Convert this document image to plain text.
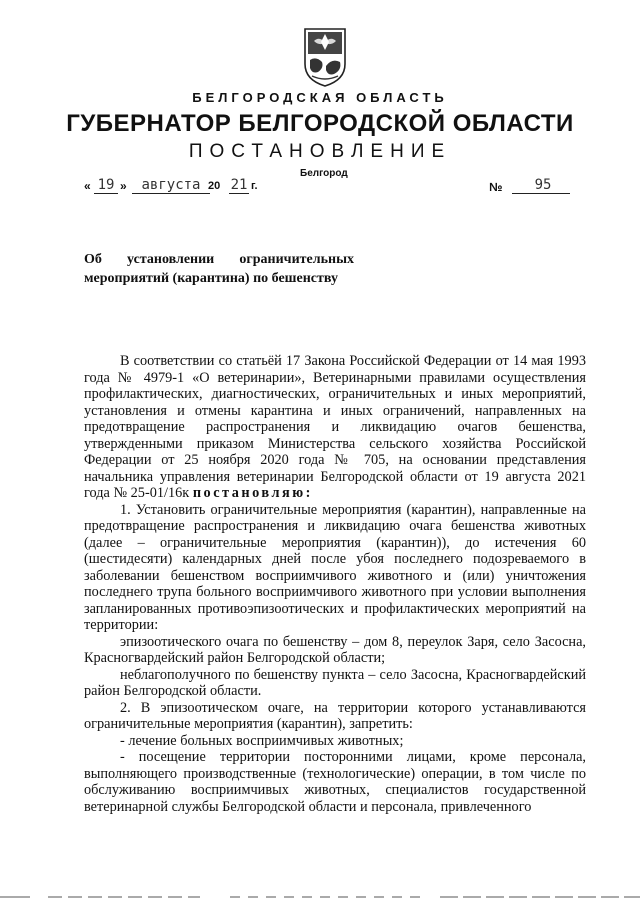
БЕЛГОРОДСКАЯ ОБЛАСТЬ
ГУБЕРНАТОР БЕЛГОРОДСКОЙ ОБЛАСТИ
ПОСТАНОВЛЕНИЕ
Белгород
« 19 »	августа 20 21 г.	№	95
Об установлении ограничительных
мероприятий (карантина) по бешенству

В соответствии со статьёй 17 Закона Российской Федерации от 14 мая 1993 года № 4979-1 «О ветеринарии», Ветеринарными правилами осуществления профилактических, диагностических, ограничительных и иных мероприятий, установления и отмены карантина и иных ограничений, направленных на предотвращение распространения и ликвидацию очагов бешенства, утвержденными приказом Министерства сельского хозяйства Российской Федерации от 25 ноября 2020 года № 705, на основании представления начальника управления ветеринарии Белгородской области от 19 августа 2021 года № 25-01/16к постановляю:

1. Установить ограничительные мероприятия (карантин), направленные на предотвращение распространения и ликвидацию очага бешенства животных (далее – ограничительные мероприятия (карантин)), до истечения 60 (шестидесяти) календарных дней после убоя последнего подозреваемого в заболевании бешенством восприимчивого животного и (или) уничтожения последнего трупа больного восприимчивого животного при условии выполнения запланированных противоэпизоотических и профилактических мероприятий на территории:

эпизоотического очага по бешенству – дом 8, переулок Заря, село Засосна, Красногвардейский район Белгородской области;

неблагополучного по бешенству пункта – село Засосна, Красногвардейский район Белгородской области.

2. В эпизоотическом очаге, на территории которого устанавливаются ограничительные мероприятия (карантин), запретить:

- лечение больных восприимчивых животных;

- посещение территории посторонними лицами, кроме персонала, выполняющего производственные (технологические) операции, в том числе по обслуживанию восприимчивых животных, специалистов государственной ветеринарной службы Белгородской области и персонала, привлеченного
